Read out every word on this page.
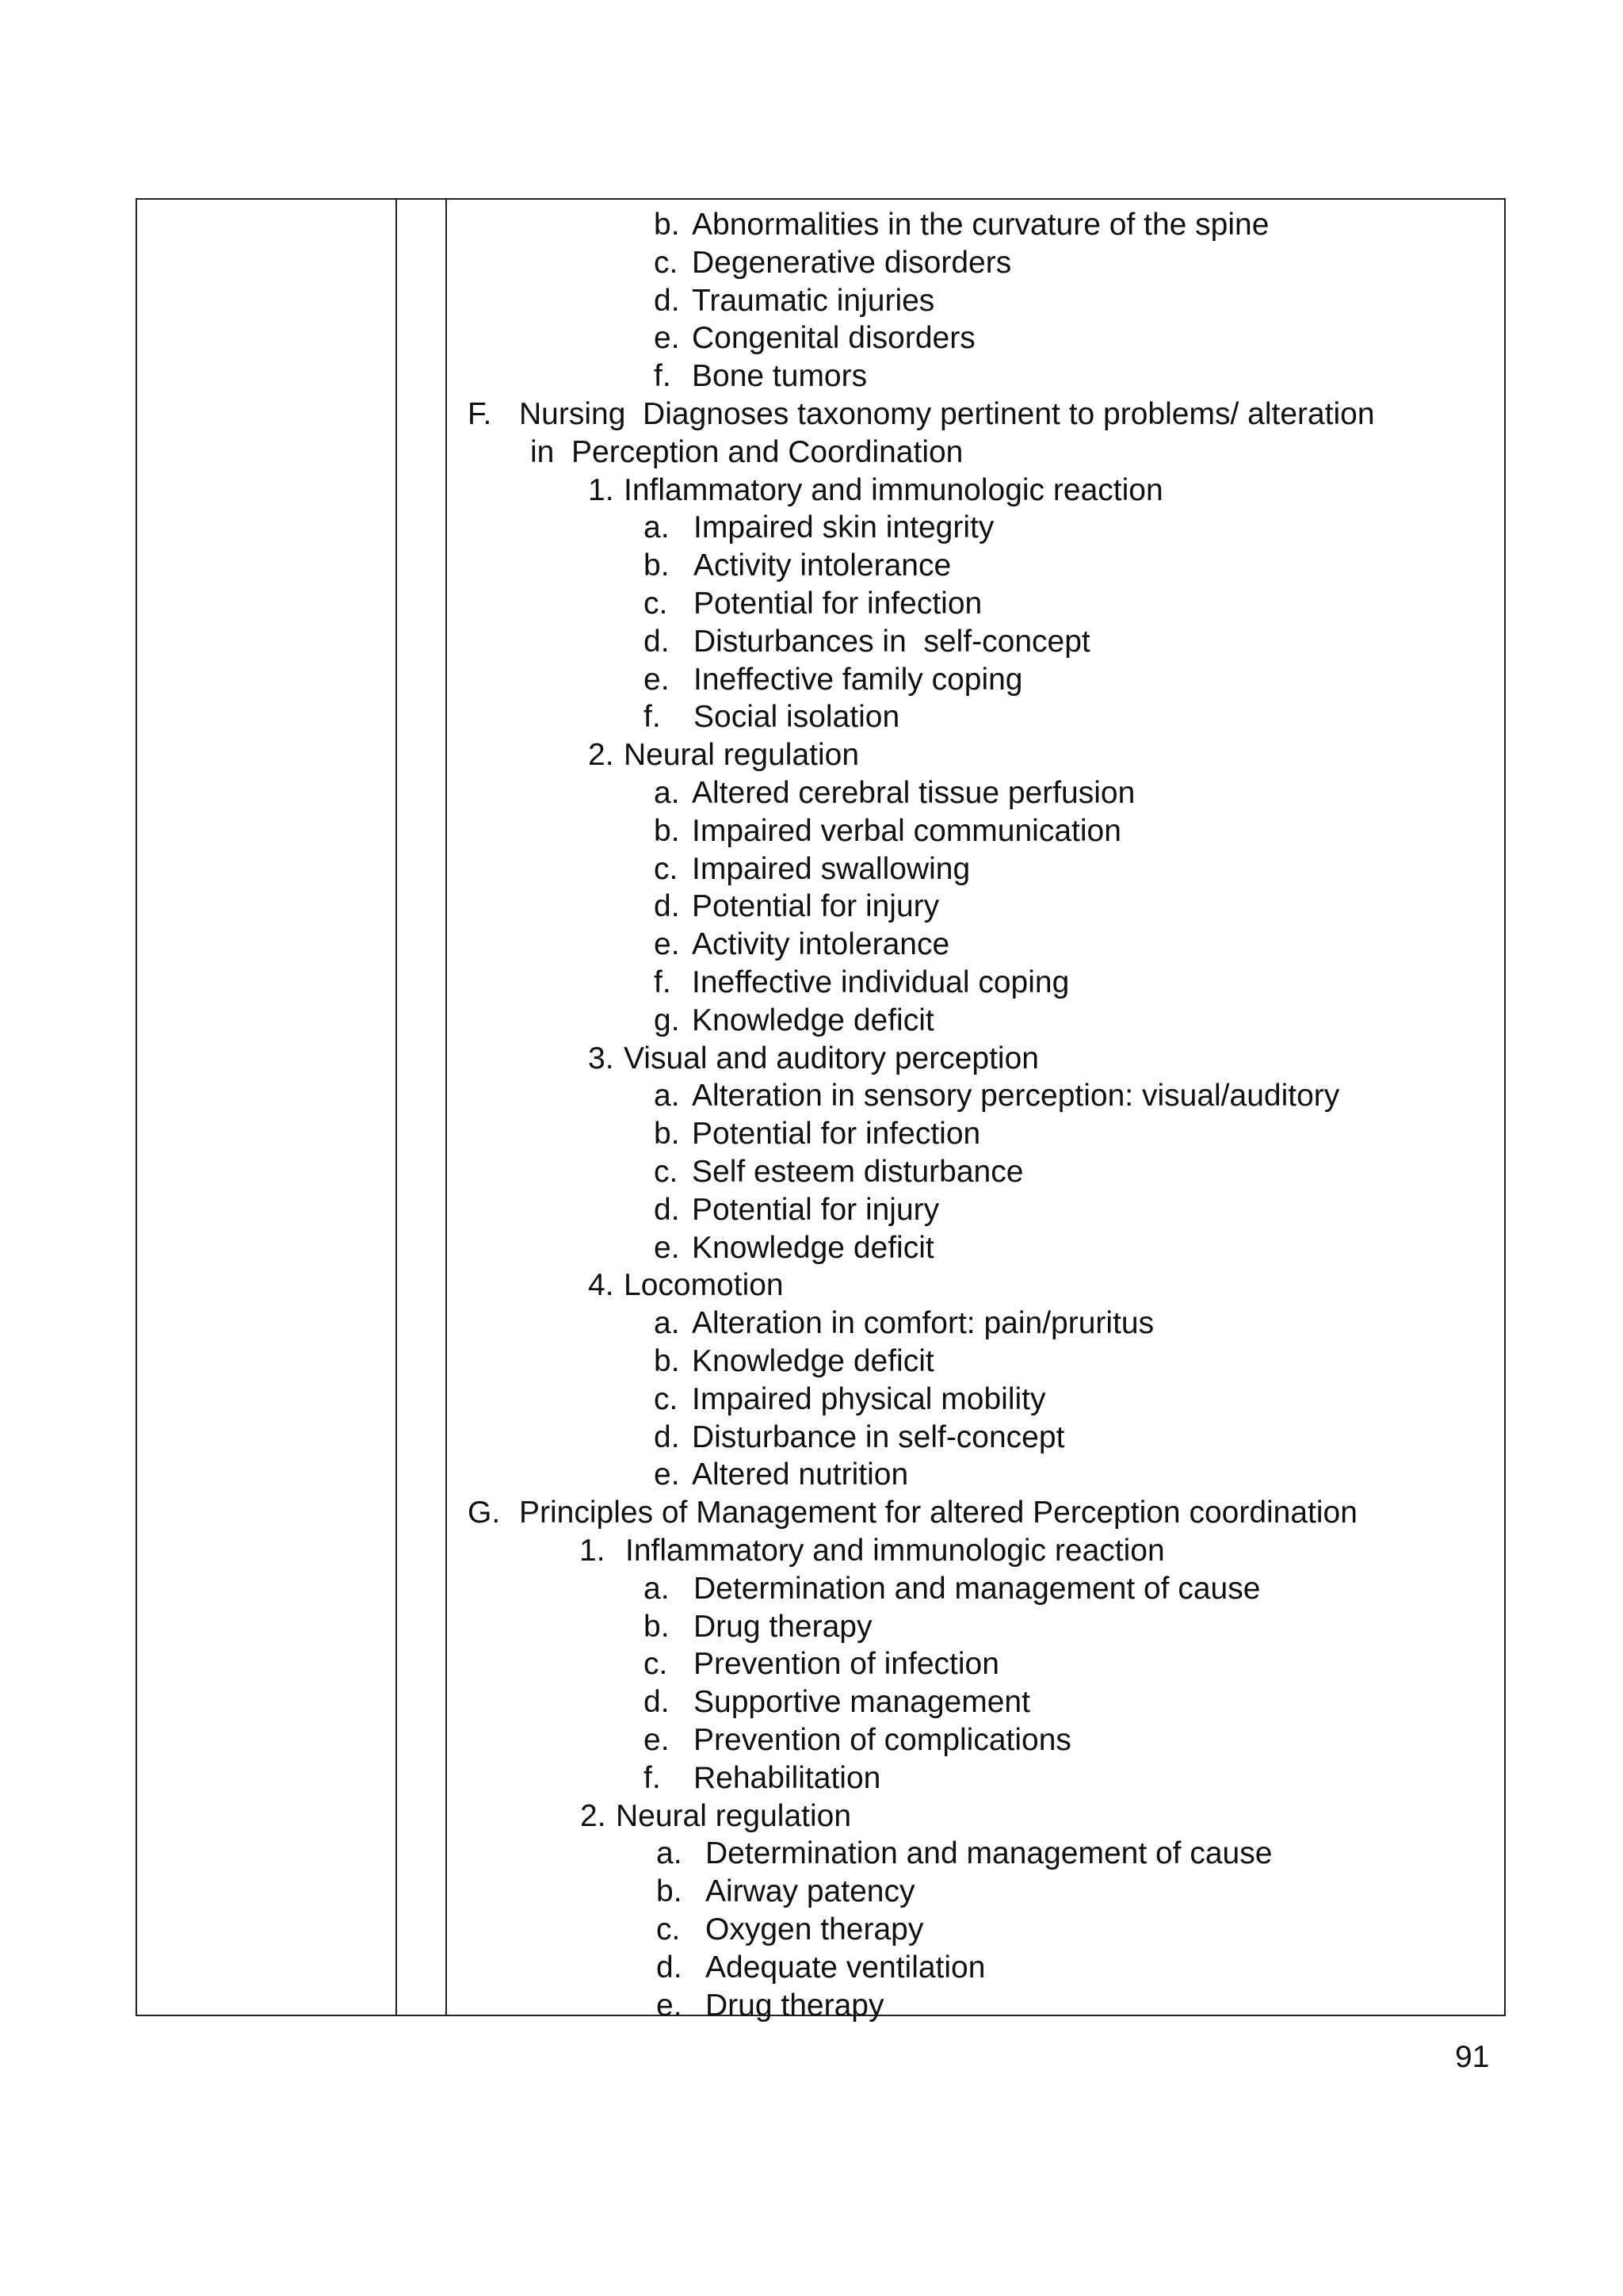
b. Abnormalities in the curvature of the spine
c. Degenerative disorders
d. Traumatic injuries
e. Congenital disorders
f. Bone tumors
F. Nursing  Diagnoses taxonomy pertinent to problems/ alteration
in  Perception and Coordination
1. Inflammatory and immunologic reaction
a. Impaired skin integrity
b. Activity intolerance
c. Potential for infection
d. Disturbances in  self-concept
e. Ineffective family coping
f. Social isolation
2. Neural regulation
a. Altered cerebral tissue perfusion
b. Impaired verbal communication
c. Impaired swallowing
d. Potential for injury
e. Activity intolerance
f. Ineffective individual coping
g. Knowledge deficit
3. Visual and auditory perception
a. Alteration in sensory perception: visual/auditory
b. Potential for infection
c. Self esteem disturbance
d. Potential for injury
e. Knowledge deficit
4. Locomotion
a. Alteration in comfort: pain/pruritus
b. Knowledge deficit
c. Impaired physical mobility
d. Disturbance in self-concept
e. Altered nutrition
G. Principles of Management for altered Perception coordination
1. Inflammatory and immunologic reaction
a. Determination and management of cause
b. Drug therapy
c. Prevention of infection
d. Supportive management
e. Prevention of complications
f. Rehabilitation
2. Neural regulation
a. Determination and management of cause
b. Airway patency
c. Oxygen therapy
d. Adequate ventilation
e. Drug therapy
91
